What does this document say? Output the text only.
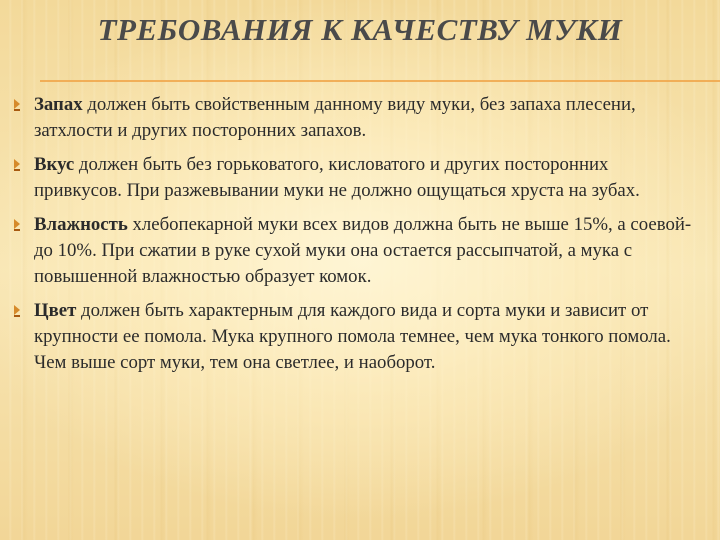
ТРЕБОВАНИЯ К КАЧЕСТВУ МУКИ
Запах должен быть свойственным данному виду муки, без запаха плесени, затхлости и других посторонних запахов.
Вкус должен быть без горьковатого, кисловатого и других посторонних привкусов. При разжевывании муки не должно ощущаться хруста на зубах.
Влажность хлебопекарной муки всех видов должна быть не выше 15%, а соевой- до 10%. При сжатии в руке сухой муки она остается рассыпчатой, а мука с повышенной влажностью образует комок.
Цвет должен быть характерным для каждого вида и сорта муки и зависит от крупности ее помола. Мука крупного помола темнее, чем мука тонкого помола. Чем выше сорт муки, тем она светлее, и наоборот.
